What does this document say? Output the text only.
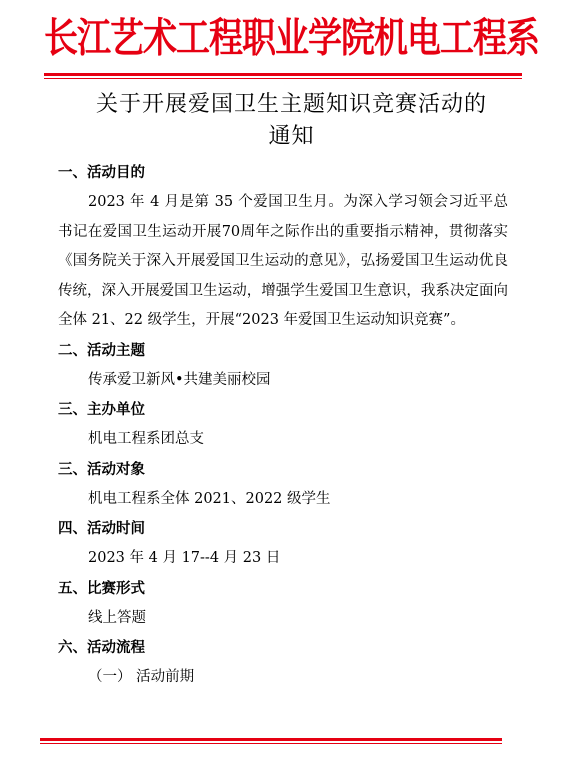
长江艺术工程职业学院机电工程系
关于开展爱国卫生主题知识竞赛活动的
通知
一、活动目的
2023 年 4 月是第 35 个爱国卫生月。为深入学习领会习近平总书记在爱国卫生运动开展70周年之际作出的重要指示精神，贯彻落实 《国务院关于深入开展爱国卫生运动的意见》，弘扬爱国卫生运动优良传统，深入开展爱国卫生运动，增强学生爱国卫生意识，我系决定面向全体 21、22 级学生，开展“2023 年爱国卫生运动知识竞赛”。
二、活动主题
传承爱卫新风•共建美丽校园
三、主办单位
机电工程系团总支
三、活动对象
机电工程系全体 2021、2022 级学生
四、活动时间
2023 年 4 月 17--4 月 23 日
五、比赛形式
线上答题
六、活动流程
（一） 活动前期
